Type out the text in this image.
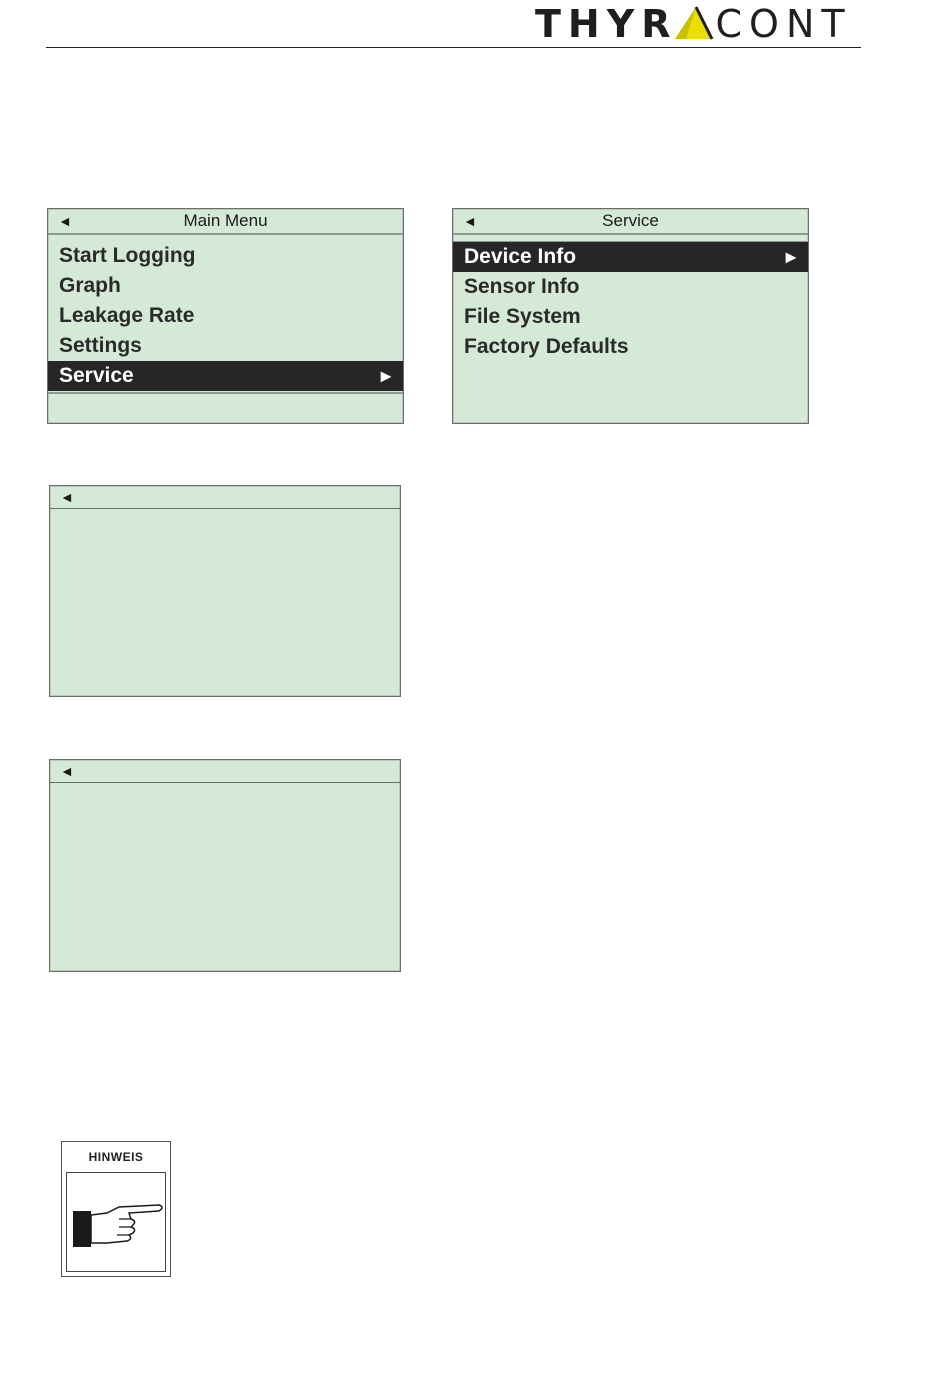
THYR CONT
◄	Main Menu
Start Logging
Graph
Leakage Rate
Settings
Service	►
◄	Service
Device Info	►
Sensor Info
File System
Factory Defaults
◄
◄
HINWEIS
